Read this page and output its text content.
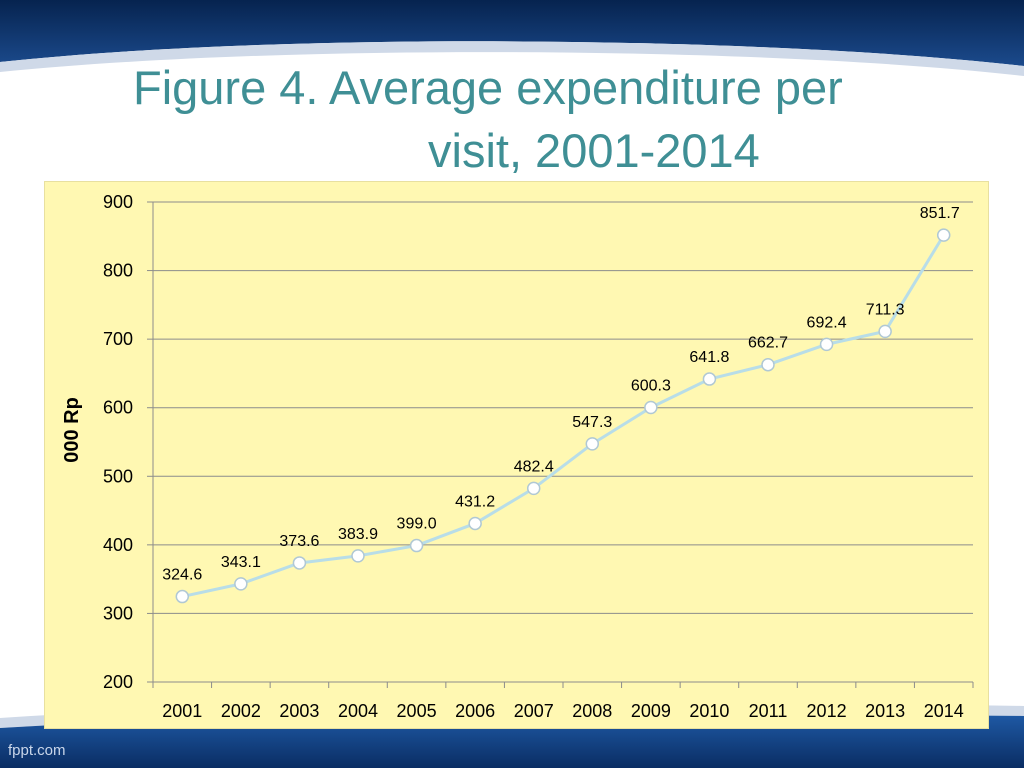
Figure 4. Average expenditure per
visit, 2001-2014
200
300
400
500
600
700
800
900
2001 2002 2003 2004 2005 2006 2007 2008 2009 2010 2011 2012 2013 2014
000 Rp
324.6
343.1
373.6 383.9
399.0
431.2
482.4
547.3
600.3
641.8
662.7
692.4
711.3
851.7
fppt.com
